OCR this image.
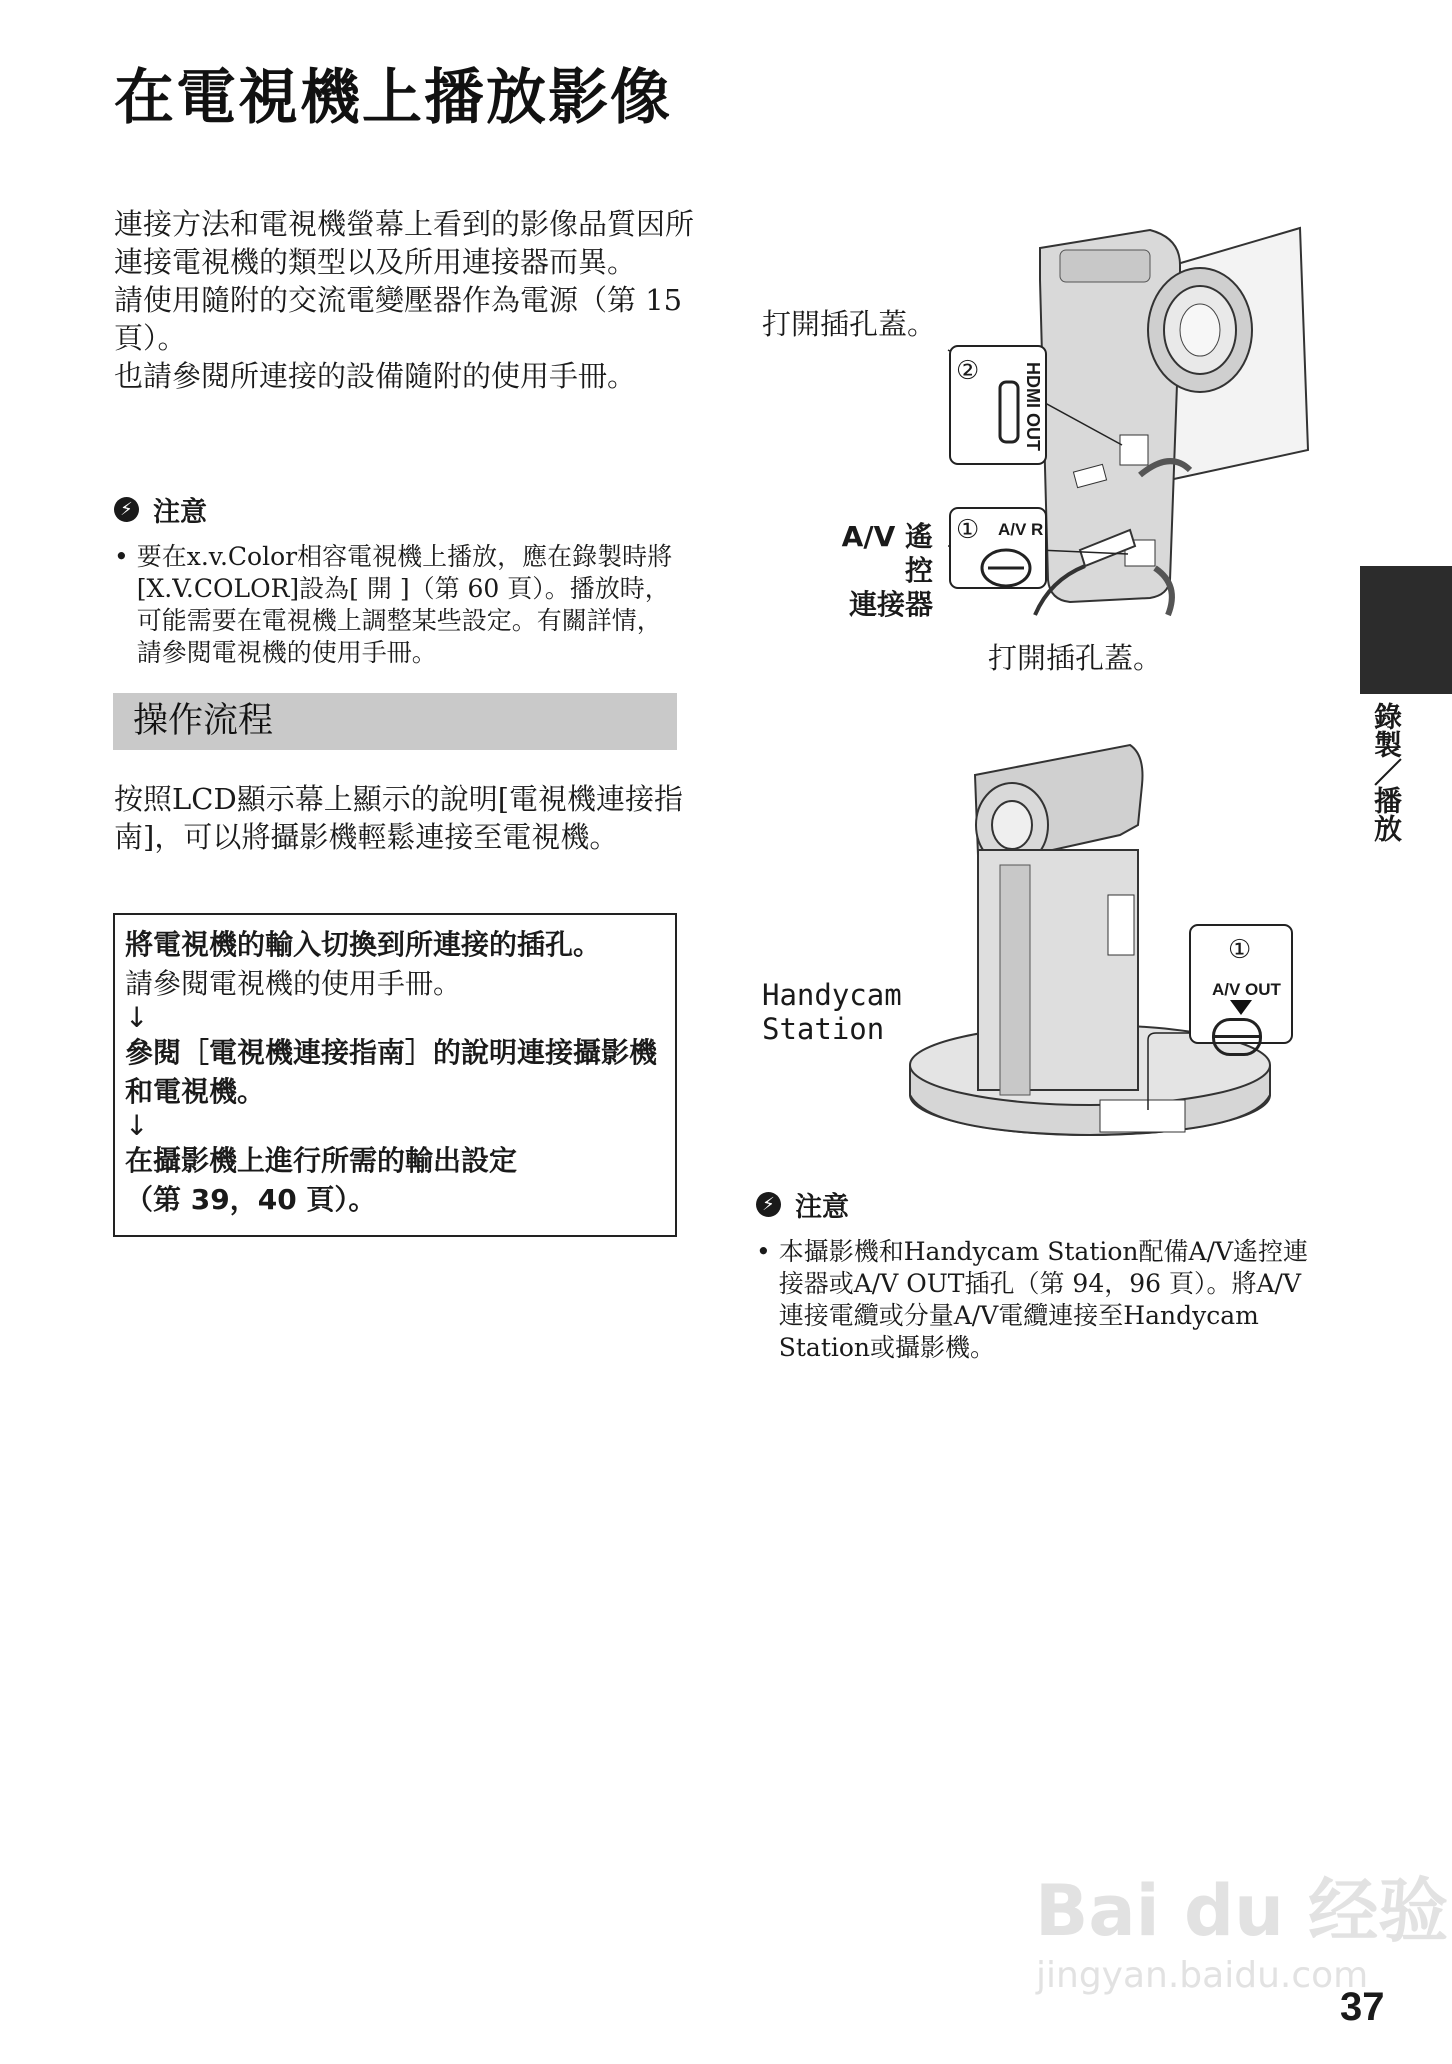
在電視機上播放影像

連接方法和電視機螢幕上看到的影像品質因所連接電視機的類型以及所用連接器而異。

請使用隨附的交流電變壓器作為電源（第 15 頁）。

也請參閱所連接的設備隨附的使用手冊。

⚡ 注意
• 要在x.v.Color相容電視機上播放，應在錄製時將[X.V.COLOR]設為[ 開 ]（第 60 頁）。播放時，可能需要在電視機上調整某些設定。有關詳情，請參閱電視機的使用手冊。
操作流程
按照LCD顯示幕上顯示的說明[電視機連接指南]，可以將攝影機輕鬆連接至電視機。
將電視機的輸入切換到所連接的插孔。
請參閱電視機的使用手冊。
↓
參閱［電視機連接指南］的說明連接攝影機和電視機。
↓
在攝影機上進行所需的輸出設定
（第 39，40 頁）。
打開插孔蓋。
② HDMI OUT
A/V 遙控
連接器
① A/V R
打開插孔蓋。
Handycam
Station
①
A/V OUT
⚡ 注意
• 本攝影機和Handycam Station配備A/V遙控連接器或A/V OUT插孔（第 94，96 頁）。將A/V連接電纜或分量A/V電纜連接至Handycam Station或攝影機。
錄製／播放
Bai du 经验
jingyan.baidu.com
37
